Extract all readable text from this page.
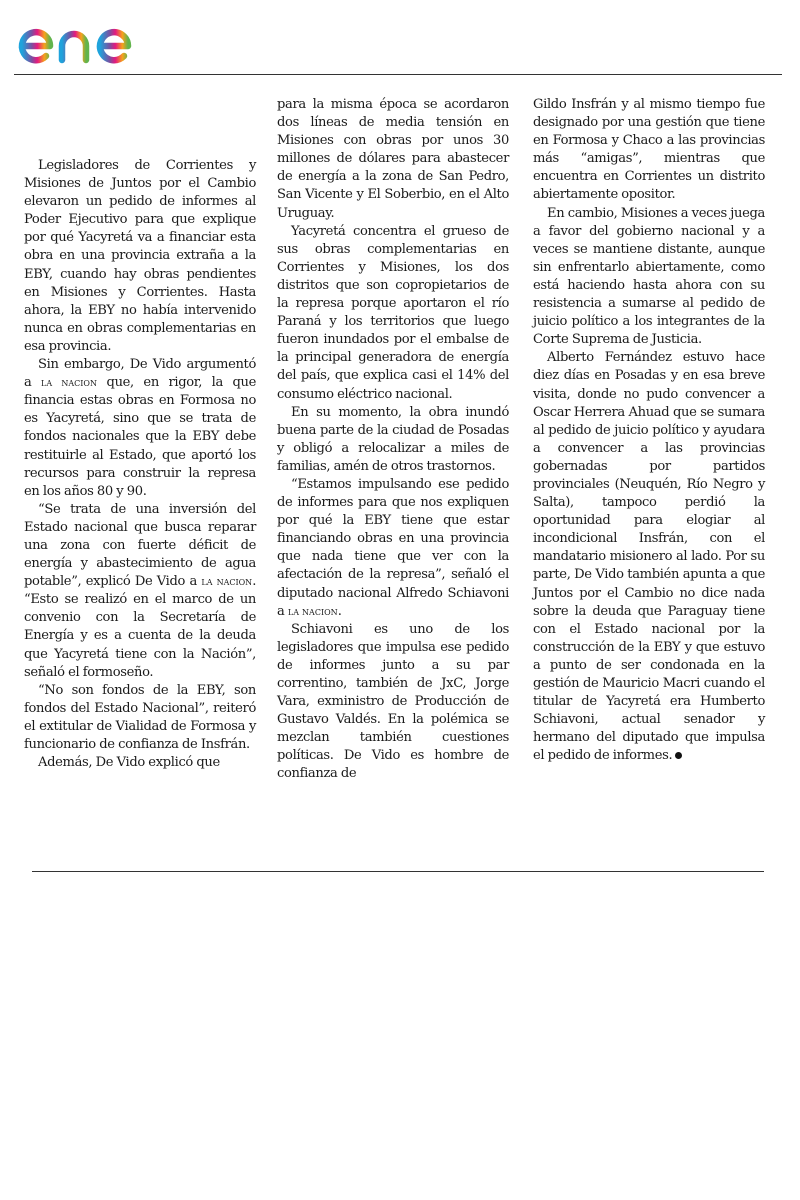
Legisladores de Corrientes y Misiones de Juntos por el Cambio elevaron un pedido de informes al Poder Ejecutivo para que explique por qué Yacyretá va a financiar esta obra en una provincia extraña a la EBY, cuando hay obras pendientes en Misiones y Corrientes. Hasta ahora, la EBY no había intervenido nunca en obras complementarias en esa provincia.

Sin embargo, De Vido argumentó a la nacion que, en rigor, la que financia estas obras en Formosa no es Yacyretá, sino que se trata de fondos nacionales que la EBY debe restituirle al Estado, que aportó los recursos para construir la represa en los años 80 y 90.

“Se trata de una inversión del Estado nacional que busca reparar una zona con fuerte déficit de energía y abastecimiento de agua potable”, explicó De Vido a la nacion. “Esto se realizó en el marco de un convenio con la Secretaría de Energía y es a cuenta de la deuda que Yacyretá tiene con la Nación”, señaló el formoseño.

“No son fondos de la EBY, son fondos del Estado Nacional”, reiteró el extitular de Vialidad de Formosa y funcionario de confianza de Insfrán.

Además, De Vido explicó que

para la misma época se acordaron dos líneas de media tensión en Misiones con obras por unos 30 millones de dólares para abastecer de energía a la zona de San Pedro, San Vicente y El Soberbio, en el Alto Uruguay.

Yacyretá concentra el grueso de sus obras complementarias en Corrientes y Misiones, los dos distritos que son copropietarios de la represa porque aportaron el río Paraná y los territorios que luego fueron inundados por el embalse de la principal generadora de energía del país, que explica casi el 14% del consumo eléctrico nacional.

En su momento, la obra inundó buena parte de la ciudad de Posadas y obligó a relocalizar a miles de familias, amén de otros trastornos.

“Estamos impulsando ese pedido de informes para que nos expliquen por qué la EBY tiene que estar financiando obras en una provincia que nada tiene que ver con la afectación de la represa”, señaló el diputado nacional Alfredo Schiavoni a la nacion.

Schiavoni es uno de los legisladores que impulsa ese pedido de informes junto a su par correntino, también de JxC, Jorge Vara, exministro de Producción de Gustavo Valdés. En la polémica se mezclan también cuestiones políticas. De Vido es hombre de confianza de

Gildo Insfrán y al mismo tiempo fue designado por una gestión que tiene en Formosa y Chaco a las provincias más “amigas”, mientras que encuentra en Corrientes un distrito abiertamente opositor.

En cambio, Misiones a veces juega a favor del gobierno nacional y a veces se mantiene distante, aunque sin enfrentarlo abiertamente, como está haciendo hasta ahora con su resistencia a sumarse al pedido de juicio político a los integrantes de la Corte Suprema de Justicia.

Alberto Fernández estuvo hace diez días en Posadas y en esa breve visita, donde no pudo convencer a Oscar Herrera Ahuad que se sumara al pedido de juicio político y ayudara a convencer a las provincias gobernadas por partidos provinciales (Neuquén, Río Negro y Salta), tampoco perdió la oportunidad para elogiar al incondicional Insfrán, con el mandatario misionero al lado. Por su parte, De Vido también apunta a que Juntos por el Cambio no dice nada sobre la deuda que Paraguay tiene con el Estado nacional por la construcción de la EBY y que estuvo a punto de ser condonada en la gestión de Mauricio Macri cuando el titular de Yacyretá era Humberto Schiavoni, actual senador y hermano del diputado que impulsa el pedido de informes.
